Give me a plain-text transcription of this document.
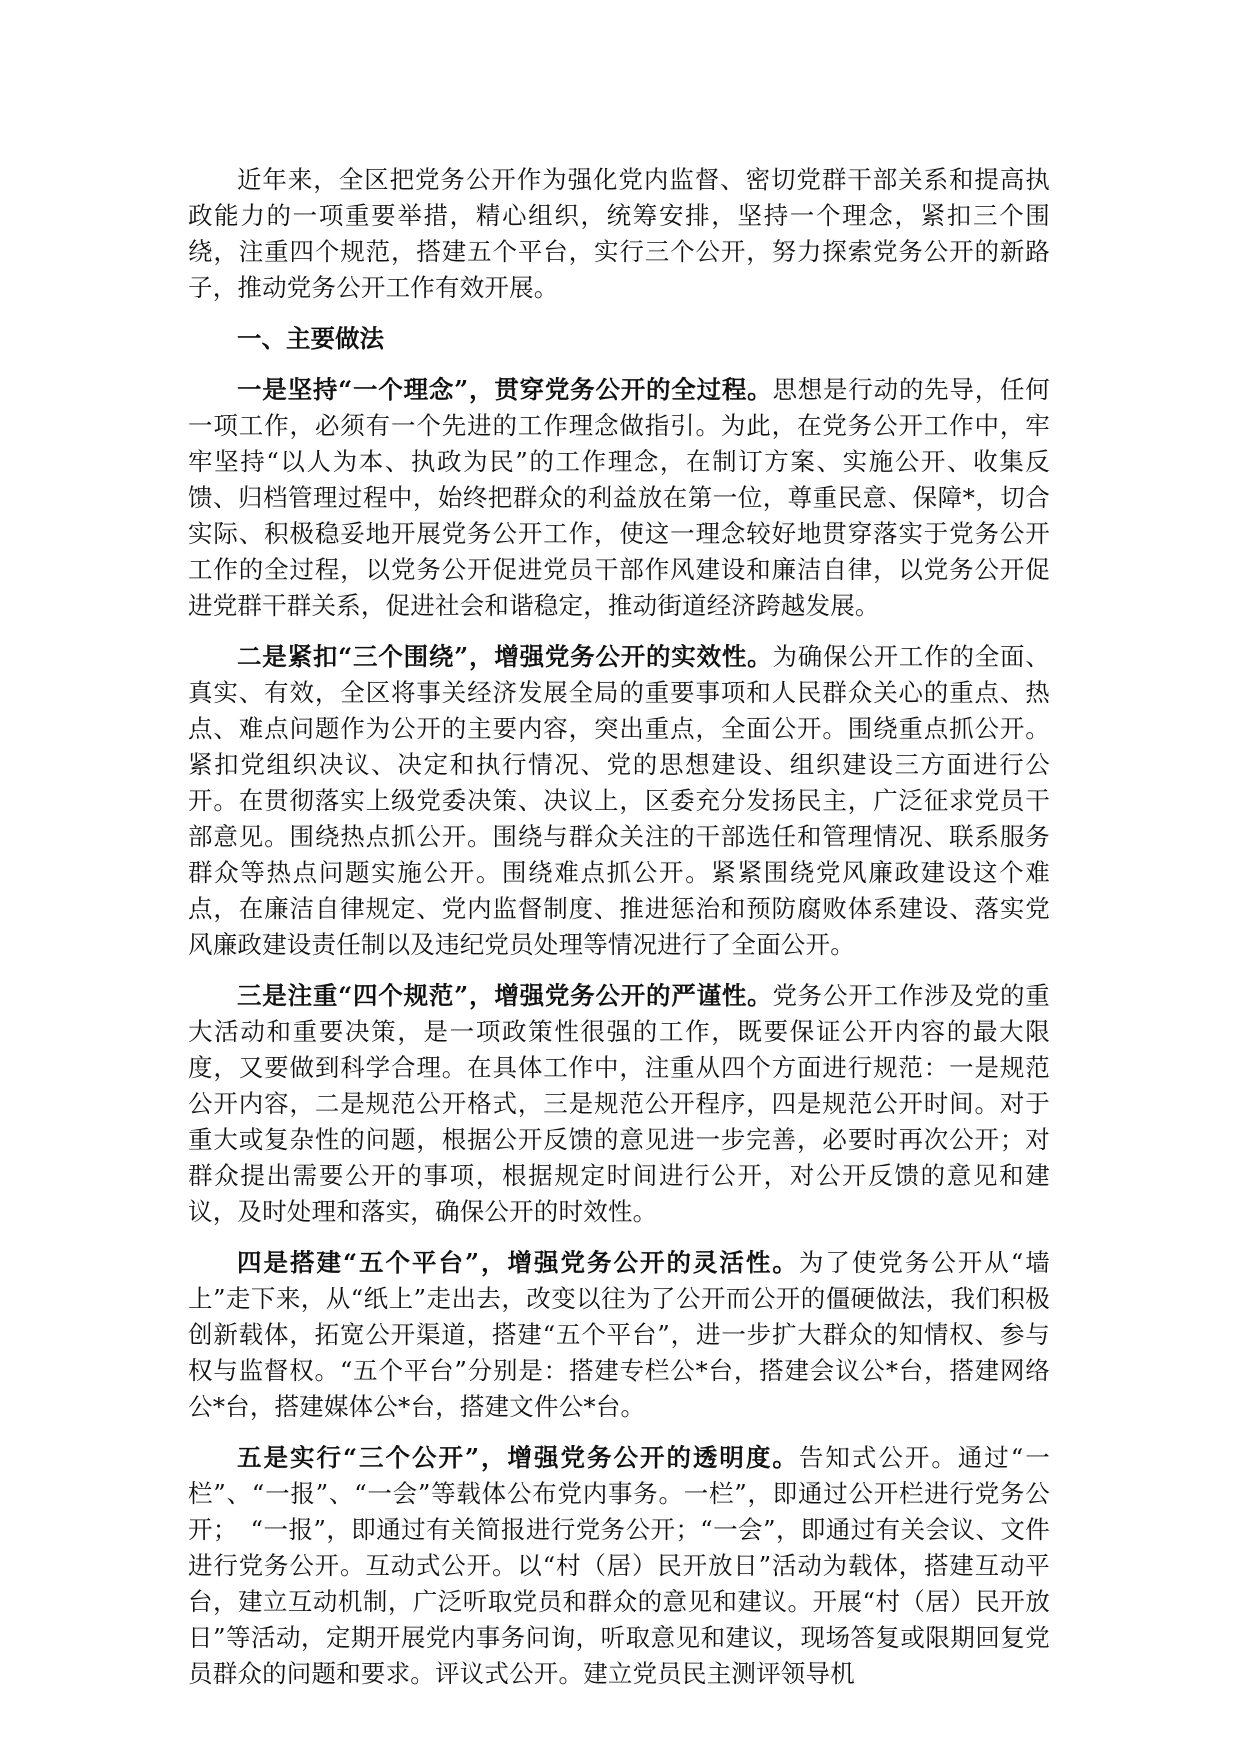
近年来，全区把党务公开作为强化党内监督、密切党群干部关系和提高执政能力的一项重要举措，精心组织，统筹安排，坚持一个理念，紧扣三个围绕，注重四个规范，搭建五个平台，实行三个公开，努力探索党务公开的新路子，推动党务公开工作有效开展。

一、主要做法

一是坚持“一个理念”，贯穿党务公开的全过程。思想是行动的先导，任何一项工作，必须有一个先进的工作理念做指引。为此，在党务公开工作中，牢牢坚持“以人为本、执政为民”的工作理念，在制订方案、实施公开、收集反馈、归档管理过程中，始终把群众的利益放在第一位，尊重民意、保障*，切合实际、积极稳妥地开展党务公开工作，使这一理念较好地贯穿落实于党务公开工作的全过程，以党务公开促进党员干部作风建设和廉洁自律，以党务公开促进党群干群关系，促进社会和谐稳定，推动街道经济跨越发展。

二是紧扣“三个围绕”，增强党务公开的实效性。为确保公开工作的全面、真实、有效，全区将事关经济发展全局的重要事项和人民群众关心的重点、热点、难点问题作为公开的主要内容，突出重点，全面公开。围绕重点抓公开。紧扣党组织决议、决定和执行情况、党的思想建设、组织建设三方面进行公开。在贯彻落实上级党委决策、决议上，区委充分发扬民主，广泛征求党员干部意见。围绕热点抓公开。围绕与群众关注的干部选任和管理情况、联系服务群众等热点问题实施公开。围绕难点抓公开。紧紧围绕党风廉政建设这个难点，在廉洁自律规定、党内监督制度、推进惩治和预防腐败体系建设、落实党风廉政建设责任制以及违纪党员处理等情况进行了全面公开。

三是注重“四个规范”，增强党务公开的严谨性。党务公开工作涉及党的重大活动和重要决策，是一项政策性很强的工作，既要保证公开内容的最大限度，又要做到科学合理。在具体工作中，注重从四个方面进行规范：一是规范公开内容，二是规范公开格式，三是规范公开程序，四是规范公开时间。对于重大或复杂性的问题，根据公开反馈的意见进一步完善，必要时再次公开；对群众提出需要公开的事项，根据规定时间进行公开，对公开反馈的意见和建议，及时处理和落实，确保公开的时效性。

四是搭建“五个平台”，增强党务公开的灵活性。为了使党务公开从“墙上”走下来，从“纸上”走出去，改变以往为了公开而公开的僵硬做法，我们积极创新载体，拓宽公开渠道，搭建“五个平台”，进一步扩大群众的知情权、参与权与监督权。“五个平台”分别是：搭建专栏公*台，搭建会议公*台，搭建网络公*台，搭建媒体公*台，搭建文件公*台。

五是实行“三个公开”，增强党务公开的透明度。告知式公开。通过“一栏”、“一报”、“一会”等载体公布党内事务。一栏”，即通过公开栏进行党务公开；　“一报”，即通过有关简报进行党务公开；“一会”，即通过有关会议、文件进行党务公开。互动式公开。以“村（居）民开放日”活动为载体，搭建互动平台，建立互动机制，广泛听取党员和群众的意见和建议。开展“村（居）民开放日”等活动，定期开展党内事务问询，听取意见和建议，现场答复或限期回复党员群众的问题和要求。评议式公开。建立党员民主测评领导机
